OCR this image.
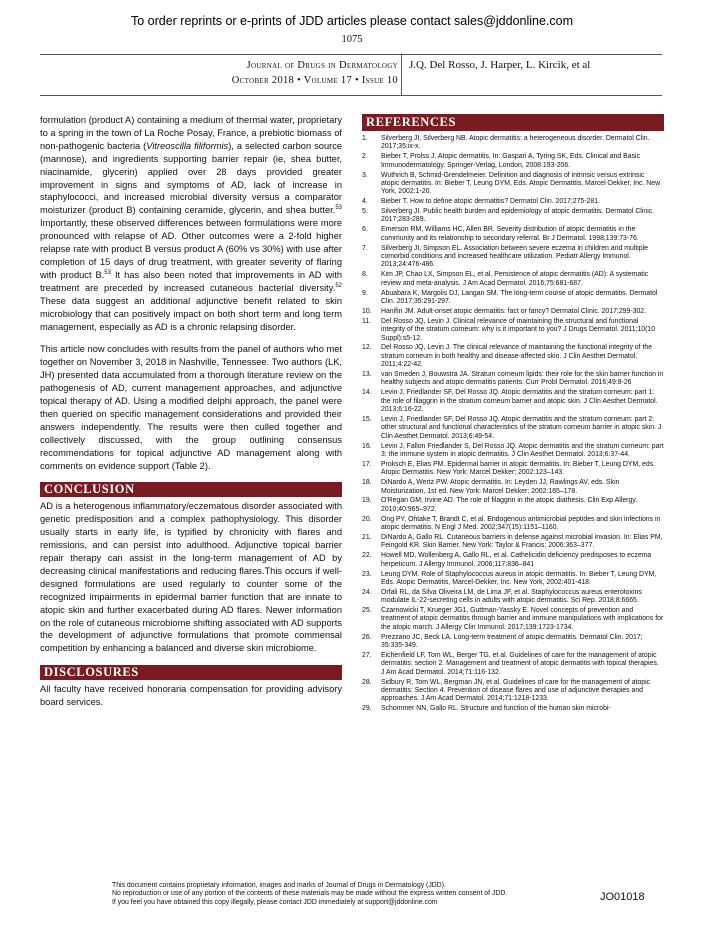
To order reprints or e-prints of JDD articles please contact sales@jddonline.com
1075
Journal of Drugs in Dermatology
October 2018 • Volume 17 • Issue 10
J.Q. Del Rosso, J. Harper, L. Kircik, et al

formulation (product A) containing a medium of thermal water, proprietary to a spring in the town of La Roche Posay, France, a prebiotic biomass of non-pathogenic bacteria (Vitreoscilla filiformis), a selected carbon source (mannose), and ingredients supporting barrier repair (ie, shea butter, niacinamide, glycerin) applied over 28 days provided greater improvement in signs and symptoms of AD, lack of increase in staphylococci, and increased microbial diversity versus a comparator moisturizer (product B) containing ceramide, glycerin, and shea butter.$^{53}$ Importantly, these observed differences between formulations were more pronounced with relapse of AD. Other outcomes were a 2-fold higher relapse rate with product B versus product A (60% vs 30%) with use after completion of 15 days of drug treatment, with greater severity of flaring with product B.$^{53}$ It has also been noted that improvements in AD with treatment are preceded by increased cutaneous bacterial diversity.$^{52}$ These data suggest an additional adjunctive benefit related to skin microbiology that can positively impact on both short term and long term management, especially as AD is a chronic relapsing disorder.

This article now concludes with results from the panel of authors who met together on November 3, 2018 in Nashville, Tennessee. Two authors (LK, JH) presented data accumulated from a thorough literature review on the pathogenesis of AD, current management approaches, and adjunctive topical therapy of AD. Using a modified delphi approach, the panel were then queried on specific management considerations and provided their answers independently. The results were then culled together and collectively discussed, with the group outlining consensus recommendations for topical adjunctive AD management along with comments on evidence support (Table 2).

CONCLUSION

AD is a heterogenous inflammatory/eczematous disorder associated with genetic predisposition and a complex pathophysiology. This disorder usually starts in early life, is typified by chronicity with flares and remissions, and can persist into adulthood. Adjunctive topical barrier repair therapy can assist in the long-term management of AD by decreasing clinical manifestations and reducing flares.This occurs if well-designed formulations are used regularly to counter some of the recognized impairments in epidermal barrier function that are innate to atopic skin and further exacerbated during AD flares. Newer information on the role of cutaneous microbiome shifting associated with AD supports the development of adjunctive formulations that promote commensal competition by enhancing a balanced and diverse skin microbiome.

DISCLOSURES

All faculty have received honoraria compensation for providing advisory board services.

REFERENCES
1.	Silverberg JI, Silverberg NB. Atopic dermatitis: a heterogeneous disorder. Dermatol Clin. 2017;35:ix-x.
2.	Bieber T, Prolss J. Atopic dermatitis. In: Gaspari A, Tyring SK, Eds. Clinical and Basic Immunodermatology. Springer-Verlag, London, 2008:193-206.
3.	Wuthrich B, Schmid-Grendelmeier. Definition and diagnosis of intrinsic versus extrinsic atopic dermatitis. In: Bieber T, Leung DYM, Eds. Atopic Dermatitis, Marcel-Dekker, Inc. New York, 2002:1-20.
4.	Bieber T. How to define atopic dermatitis? Dermatol Clin. 2017;275-281.
5.	Silverberg JI. Public health burden and epidemiology of atopic dermatitis. Dermatol Clinic. 2017;283-289.
6.	Emerson RM, Williams HC, Allen BR. Severity distribution of atopic dermatitis in the community and its relationship to secondary referral. Br J Dermatol. 1998;139:73-76.
7.	Silverberg JI, Simpson EL. Association between severe eczema in children and multiple comorbid conditions and increased healthcare utilization. Pediatr Allergy Immunol. 2013;24:476-486.
8.	Kim JP, Chao LX, Simpson EL, et al. Persistence of atopic dermatitis (AD): A systematic review and meta-analysis. J Am Acad Dermatol. 2016;75:681-687.
9.	Abuabara K, Margolis DJ, Langan SM. The long-term course of atopic dermatitis. Dermatol Clin. 2017;35:291-297.
10.	Hanifin JM. Adult-onset atopic dermatitis: fact or fancy? Dermatol Clinic. 2017;299-302.
11.	Del Rosso JQ, Levin J. Clinical relevance of maintaining the structural and functional integrity of the stratum corneum: why is it important to you? J Drugs Dermatol. 2011;10(10 Suppl):s5-12.
12.	Del Rosso JQ, Levin J. The clinical relevance of maintaining the functional integrity of the stratum corneum in both healthy and disease-affected skin. J Clin Aesthet Dermatol. 2011;4:22-42.
13.	van Smeden J, Bouwstra JA. Stratum corneum lipids: their role for the skin barrier function in healthy subjects and atopic dermatitis patients. Curr Probl Dermatol. 2016;49:8-26
14.	Levin J, Friedlander SF, Del Rosso JQ. Atopic dermatitis and the stratum corneum: part 1: the role of filaggrin in the stratum corneum barrier and atopic skin. J Clin Aesthet Dermatol. 2013;6:16-22.
15.	Levin J, Friedlander SF, Del Rosso JQ. Atopic dermatitis and the stratum corneum: part 2: other structural and functional characteristics of the stratum corneum barrier in atopic skin. J Clin Aesthet Dermatol. 2013;6:49-54.
16.	Levin J, Fallon Friedlander S, Del Rosso JQ. Atopic dermatitis and the stratum corneum: part 3: the immune system in atopic dermatitis. J Clin Aesthet Dermatol. 2013;6:37-44.
17.	Proksch E, Elias PM. Epidermal barrier in atopic dermatitis. In: Bieber T, Leung DYM, eds. Atopic Dermatitis. New York: Marcel Dekker; 2002:123–143.
18.	DiNardo A, Wertz PW. Atopic dermatitis. In: Leyden JJ, Rawlings AV, eds. Skin Moisturization, 1st ed. New York: Marcel Dekker; 2002:165–178.
19.	O'Regan GM, Irvine AD. The role of filaggrin in the atopic diathesis. Clin Exp Allergy. 2010;40:965–972.
20.	Ong PY, Ohtake T, Brandt C, et al. Endogenous antimicrobial peptides and skin infections in atopic dermatitis. N Engl J Med. 2002;347(15):1151–1160.
21.	DiNardo A, Gallo RL. Cutaneous barriers in defense against microbial invasion. In: Elias PM, Feingold KR. Skin Barrier. New York: Taylor & Francis; 2006:363–377.
22.	Howell MD, Wollenberg A, Gallo RL, et al. Cathelicidin deficiency predisposes to eczema herpeticum. J Allergy Immunol. 2006;117:836–841
23.	Leung DYM. Role of Staphylococcus aureus in atopic dermatitis. In: Bieber T, Leung DYM, Eds. Atopic Dermatitis, Marcel-Dekker, Inc. New York, 2002:401-418.
24.	Orfali RL, da Silva Oliveira LM, de Lima JF, et al. Staphylococcus aureus enterotoxins modulate IL-22-secreting cells in adults with atopic dermatitis. Sci Rep. 2018;8:6665.
25.	Czarnowicki T, Krueger JG1, Guttman-Yassky E. Novel concepts of prevention and treatment of atopic dermatitis through barrier and immune manipulations with implications for the atopic march. J Allergy Clin Immunol. 2017;139:1723-1734.
26.	Prezzano JC, Beck LA. Long-term treatment of atopic dermatitis. Dermatol Clin. 2017; 35:335-349.
27.	Eichenfield LF, Tom WL, Berger TG, et al. Guidelines of care for the management of atopic dermatitis: section 2. Management and treatment of atopic dermatitis with topical therapies. J Am Acad Dermatol. 2014;71:116-132.
28.	Sidbury R, Tom WL, Bergman JN, et al. Guidelines of care for the management of atopic dermatitis: Section 4. Prevention of disease flares and use of adjunctive therapies and approaches. J Am Acad Dermatol. 2014;71:1218-1233.
29.	Schommer NN, Gallo RL. Structure and function of the human skin microbi-
This document contains proprietary information, images and marks of Journal of Drugs in Dermatology (JDD).
No reproduction or use of any portion of the contents of these materials may be made without the express written consent of JDD.
If you feel you have obtained this copy illegally, please contact JDD immediately at support@jddonline.com	JO01018
